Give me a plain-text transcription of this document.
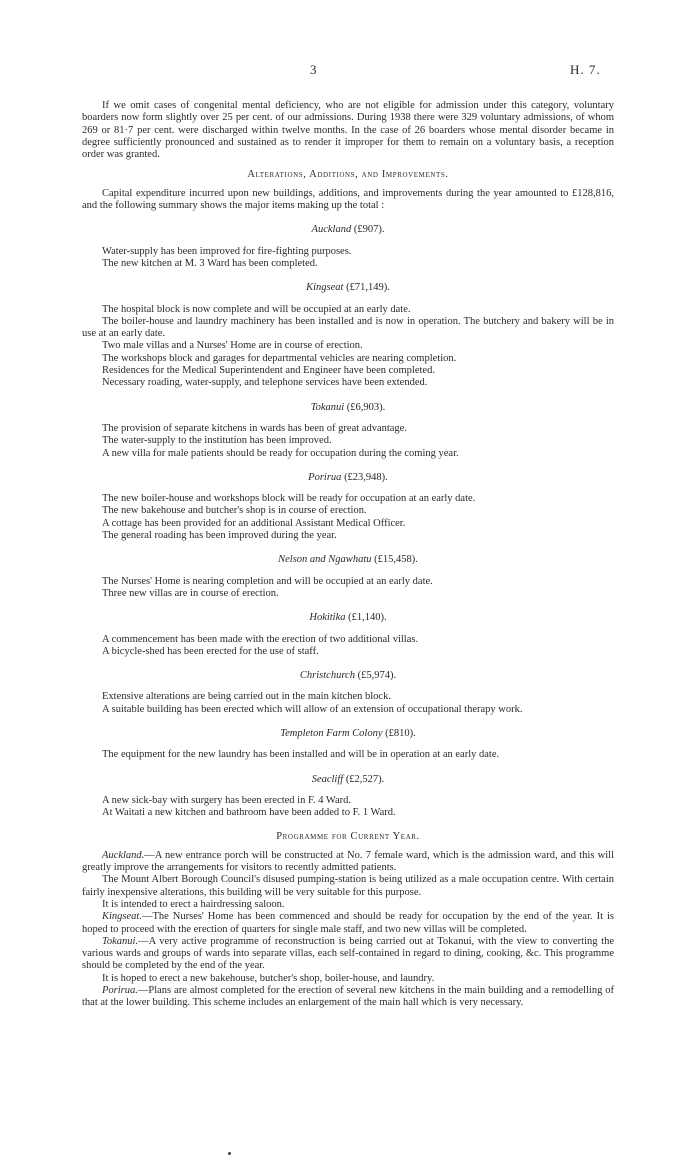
3	H. 7.

If we omit cases of congenital mental deficiency, who are not eligible for admission under this category, voluntary boarders now form slightly over 25 per cent. of our admissions. During 1938 there were 329 voluntary admissions, of whom 269 or 81·7 per cent. were discharged within twelve months. In the case of 26 boarders whose mental disorder became in degree sufficiently pronounced and sustained as to render it improper for them to remain on a voluntary basis, a reception order was granted.

Alterations, Additions, and Improvements.

Capital expenditure incurred upon new buildings, additions, and improvements during the year amounted to £128,816, and the following summary shows the major items making up the total :

Auckland (£907).

Water-supply has been improved for fire-fighting purposes.

The new kitchen at M. 3 Ward has been completed.

Kingseat (£71,149).

The hospital block is now complete and will be occupied at an early date.

The boiler-house and laundry machinery has been installed and is now in operation. The butchery and bakery will be in use at an early date.

Two male villas and a Nurses' Home are in course of erection.

The workshops block and garages for departmental vehicles are nearing completion.

Residences for the Medical Superintendent and Engineer have been completed.

Necessary roading, water-supply, and telephone services have been extended.

Tokanui (£6,903).

The provision of separate kitchens in wards has been of great advantage.

The water-supply to the institution has been improved.

A new villa for male patients should be ready for occupation during the coming year.

Porirua (£23,948).

The new boiler-house and workshops block will be ready for occupation at an early date.

The new bakehouse and butcher's shop is in course of erection.

A cottage has been provided for an additional Assistant Medical Officer.

The general roading has been improved during the year.

Nelson and Ngawhatu (£15,458).

The Nurses' Home is nearing completion and will be occupied at an early date.

Three new villas are in course of erection.

Hokitika (£1,140).

A commencement has been made with the erection of two additional villas.

A bicycle-shed has been erected for the use of staff.

Christchurch (£5,974).

Extensive alterations are being carried out in the main kitchen block.

A suitable building has been erected which will allow of an extension of occupational therapy work.

Templeton Farm Colony (£810).

The equipment for the new laundry has been installed and will be in operation at an early date.

Seacliff (£2,527).

A new sick-bay with surgery has been erected in F. 4 Ward.

At Waitati a new kitchen and bathroom have been added to F. 1 Ward.

Programme for Current Year.

Auckland.—A new entrance porch will be constructed at No. 7 female ward, which is the admission ward, and this will greatly improve the arrangements for visitors to recently admitted patients.

The Mount Albert Borough Council's disused pumping-station is being utilized as a male occupation centre. With certain fairly inexpensive alterations, this building will be very suitable for this purpose.

It is intended to erect a hairdressing saloon.

Kingseat.—The Nurses' Home has been commenced and should be ready for occupation by the end of the year. It is hoped to proceed with the erection of quarters for single male staff, and two new villas will be completed.

Tokanui.—A very active programme of reconstruction is being carried out at Tokanui, with the view to converting the various wards and groups of wards into separate villas, each self-contained in regard to dining, cooking, &c. This programme should be completed by the end of the year.

It is hoped to erect a new bakehouse, butcher's shop, boiler-house, and laundry.

Porirua.—Plans are almost completed for the erection of several new kitchens in the main building and a remodelling of that at the lower building. This scheme includes an enlargement of the main hall which is very necessary.
